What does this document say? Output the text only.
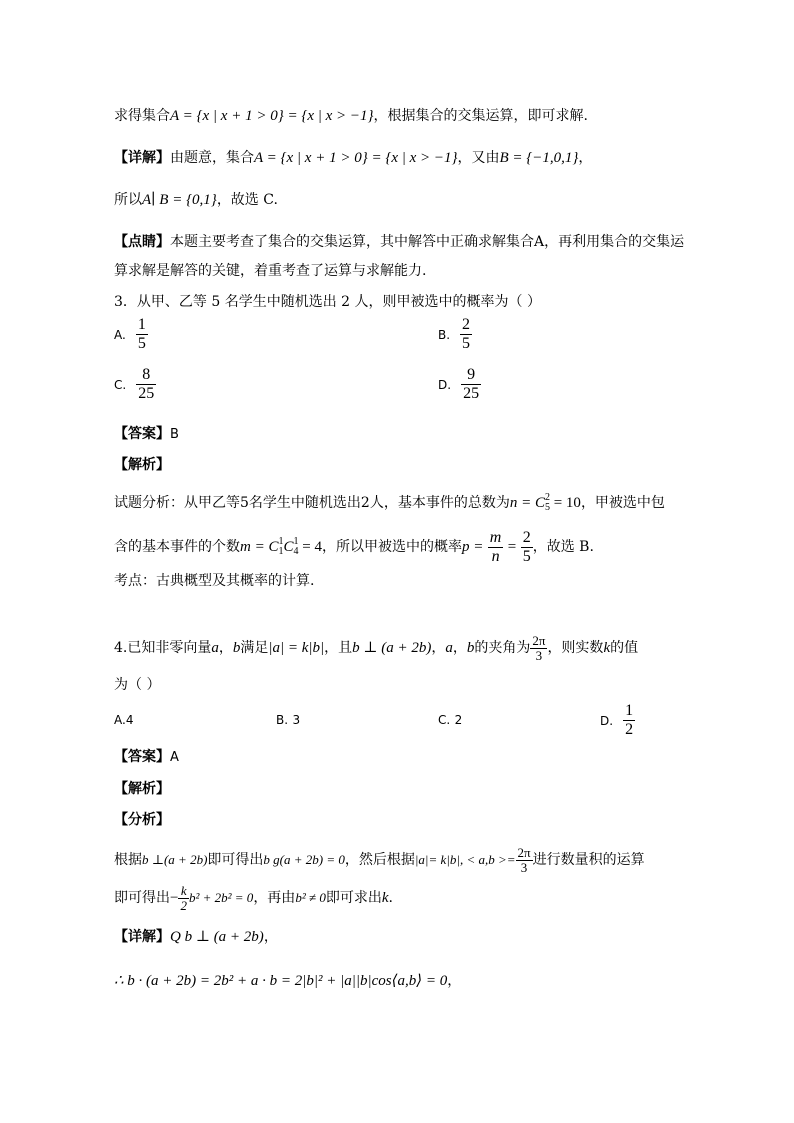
求得集合A = {x | x + 1 > 0} = {x | x > −1}，根据集合的交集运算，即可求解.
【详解】由题意，集合A = {x | x + 1 > 0} = {x | x > −1}，又由B = {−1,0,1}，
所以A∣ B = {0,1}，故选 C.
【点睛】本题主要考查了集合的交集运算，其中解答中正确求解集合A，再利用集合的交集运
算求解是解答的关键，着重考查了运算与求解能力.
3．从甲、乙等 5 名学生中随机选出 2 人，则甲被选中的概率为（ ）
A. $\frac{1}{5}$	B. $\frac{2}{5}$
C. $\frac{8}{25}$	D. $\frac{9}{25}$
【答案】B
【解析】
试题分析：从甲乙等5名学生中随机选出2人，基本事件的总数为n = C 2
5 = 10，甲被选中包
含的基本事件的个数m = C 1
1 C 1
4 = 4，所以甲被选中的概率$p = \frac{m}{n} = \frac{2}{5}$ ，故选 B.
考点：古典概型及其概率的计算.
4.已知非零向量a，b满足|a| = k|b|，且b ⊥ (a + 2b)，a，b的夹角为 $\frac{2\pi}{3}$ ，则实数k的值
为（ ）
A.4	B. 3	C. 2	D. $\frac{1}{2}$
【答案】A
【解析】
【分析】
根据b ⊥(a + 2b)即可得出b g(a + 2b) = 0，然后根据|a|= k|b|, < $a,b >= \frac{2\pi}{3}$ 进行数量积的运算
即可得出− $\frac{k}{2} b^2 + 2b^2 = 0$，再由b² ≠ 0即可求出k.
【详解】Q b ⊥ (a + 2b)，
∴ b · (a + 2b) = 2b² + a · b = 2|b|² + |a||b|cos⟨a,b⟩ = 0，
